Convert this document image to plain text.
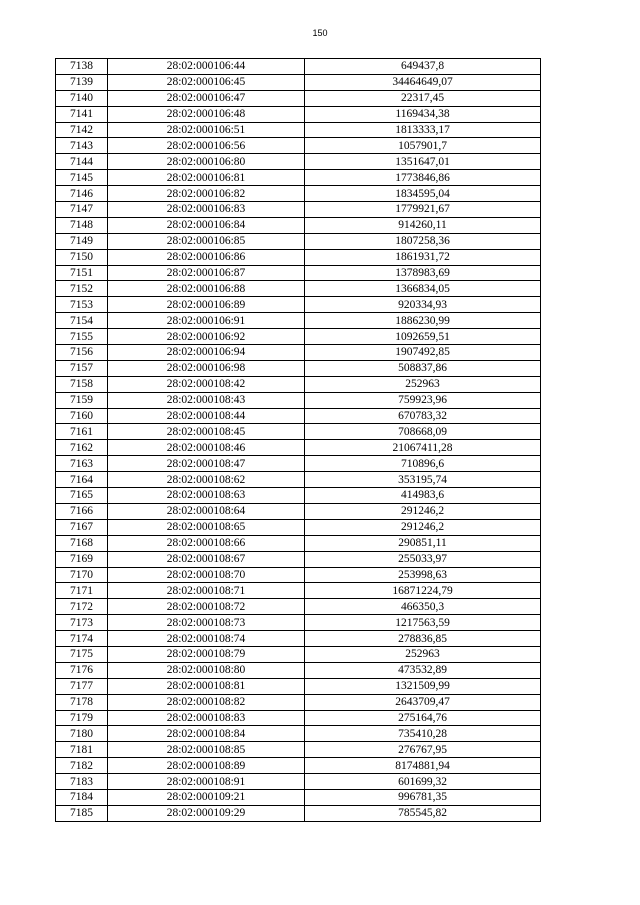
150
7138	28:02:000106:44	649437,8
7139	28:02:000106:45	34464649,07
7140	28:02:000106:47	22317,45
7141	28:02:000106:48	1169434,38
7142	28:02:000106:51	1813333,17
7143	28:02:000106:56	1057901,7
7144	28:02:000106:80	1351647,01
7145	28:02:000106:81	1773846,86
7146	28:02:000106:82	1834595,04
7147	28:02:000106:83	1779921,67
7148	28:02:000106:84	914260,11
7149	28:02:000106:85	1807258,36
7150	28:02:000106:86	1861931,72
7151	28:02:000106:87	1378983,69
7152	28:02:000106:88	1366834,05
7153	28:02:000106:89	920334,93
7154	28:02:000106:91	1886230,99
7155	28:02:000106:92	1092659,51
7156	28:02:000106:94	1907492,85
7157	28:02:000106:98	508837,86
7158	28:02:000108:42	252963
7159	28:02:000108:43	759923,96
7160	28:02:000108:44	670783,32
7161	28:02:000108:45	708668,09
7162	28:02:000108:46	21067411,28
7163	28:02:000108:47	710896,6
7164	28:02:000108:62	353195,74
7165	28:02:000108:63	414983,6
7166	28:02:000108:64	291246,2
7167	28:02:000108:65	291246,2
7168	28:02:000108:66	290851,11
7169	28:02:000108:67	255033,97
7170	28:02:000108:70	253998,63
7171	28:02:000108:71	16871224,79
7172	28:02:000108:72	466350,3
7173	28:02:000108:73	1217563,59
7174	28:02:000108:74	278836,85
7175	28:02:000108:79	252963
7176	28:02:000108:80	473532,89
7177	28:02:000108:81	1321509,99
7178	28:02:000108:82	2643709,47
7179	28:02:000108:83	275164,76
7180	28:02:000108:84	735410,28
7181	28:02:000108:85	276767,95
7182	28:02:000108:89	8174881,94
7183	28:02:000108:91	601699,32
7184	28:02:000109:21	996781,35
7185	28:02:000109:29	785545,82
